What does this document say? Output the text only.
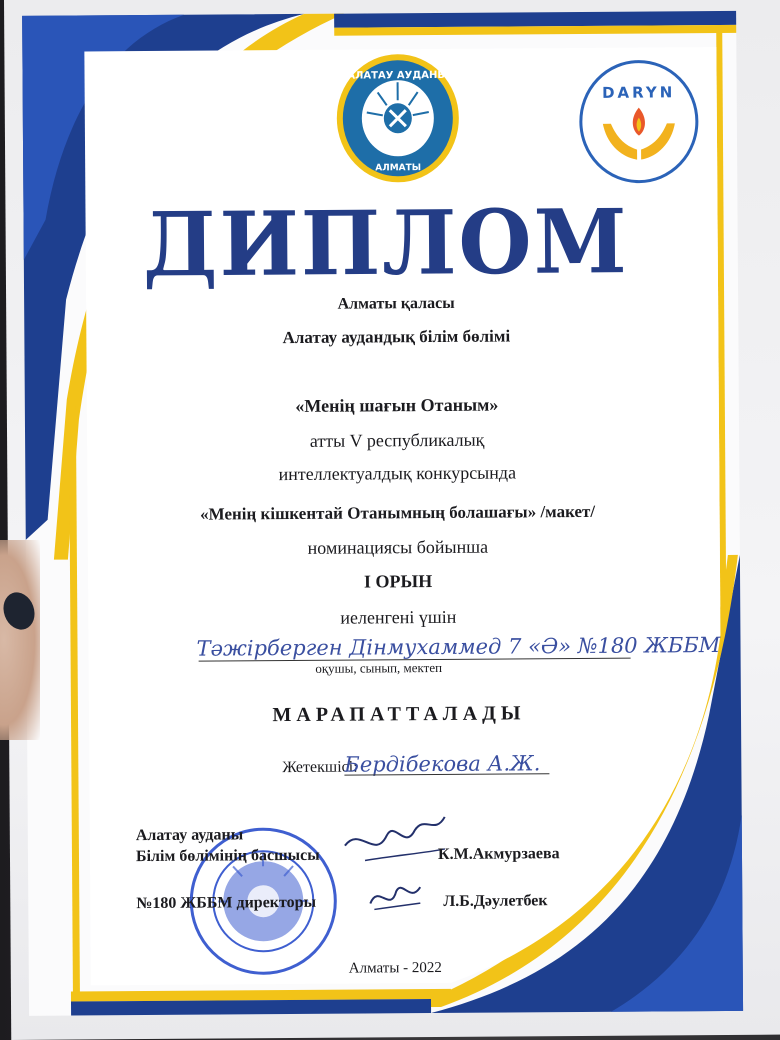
АЛАТАУ АУДАНЫ
АЛМАТЫ
DARYN
ДИПЛОМ
Алматы қаласы
Алатау аудандық білім бөлімі
«Менің шағын Отаным»
атты V республикалық
интеллектуалдық конкурсында
«Менің кішкентай Отанымның болашағы» /макет/
номинациясы бойынша
І ОРЫН
иеленгені үшін
Тәжірберген Дінмухаммед 7 «Ә» №180 ЖББМ
оқушы, сынып, мектеп
МАРАПАТТАЛАДЫ
Жетекшісі:
Бердібекова А.Ж.
Алатау ауданы
Білім бөлімінің басшысы	К.М.Акмурзаева
№180 ЖББМ директоры	Л.Б.Дәулетбек
Алматы - 2022
